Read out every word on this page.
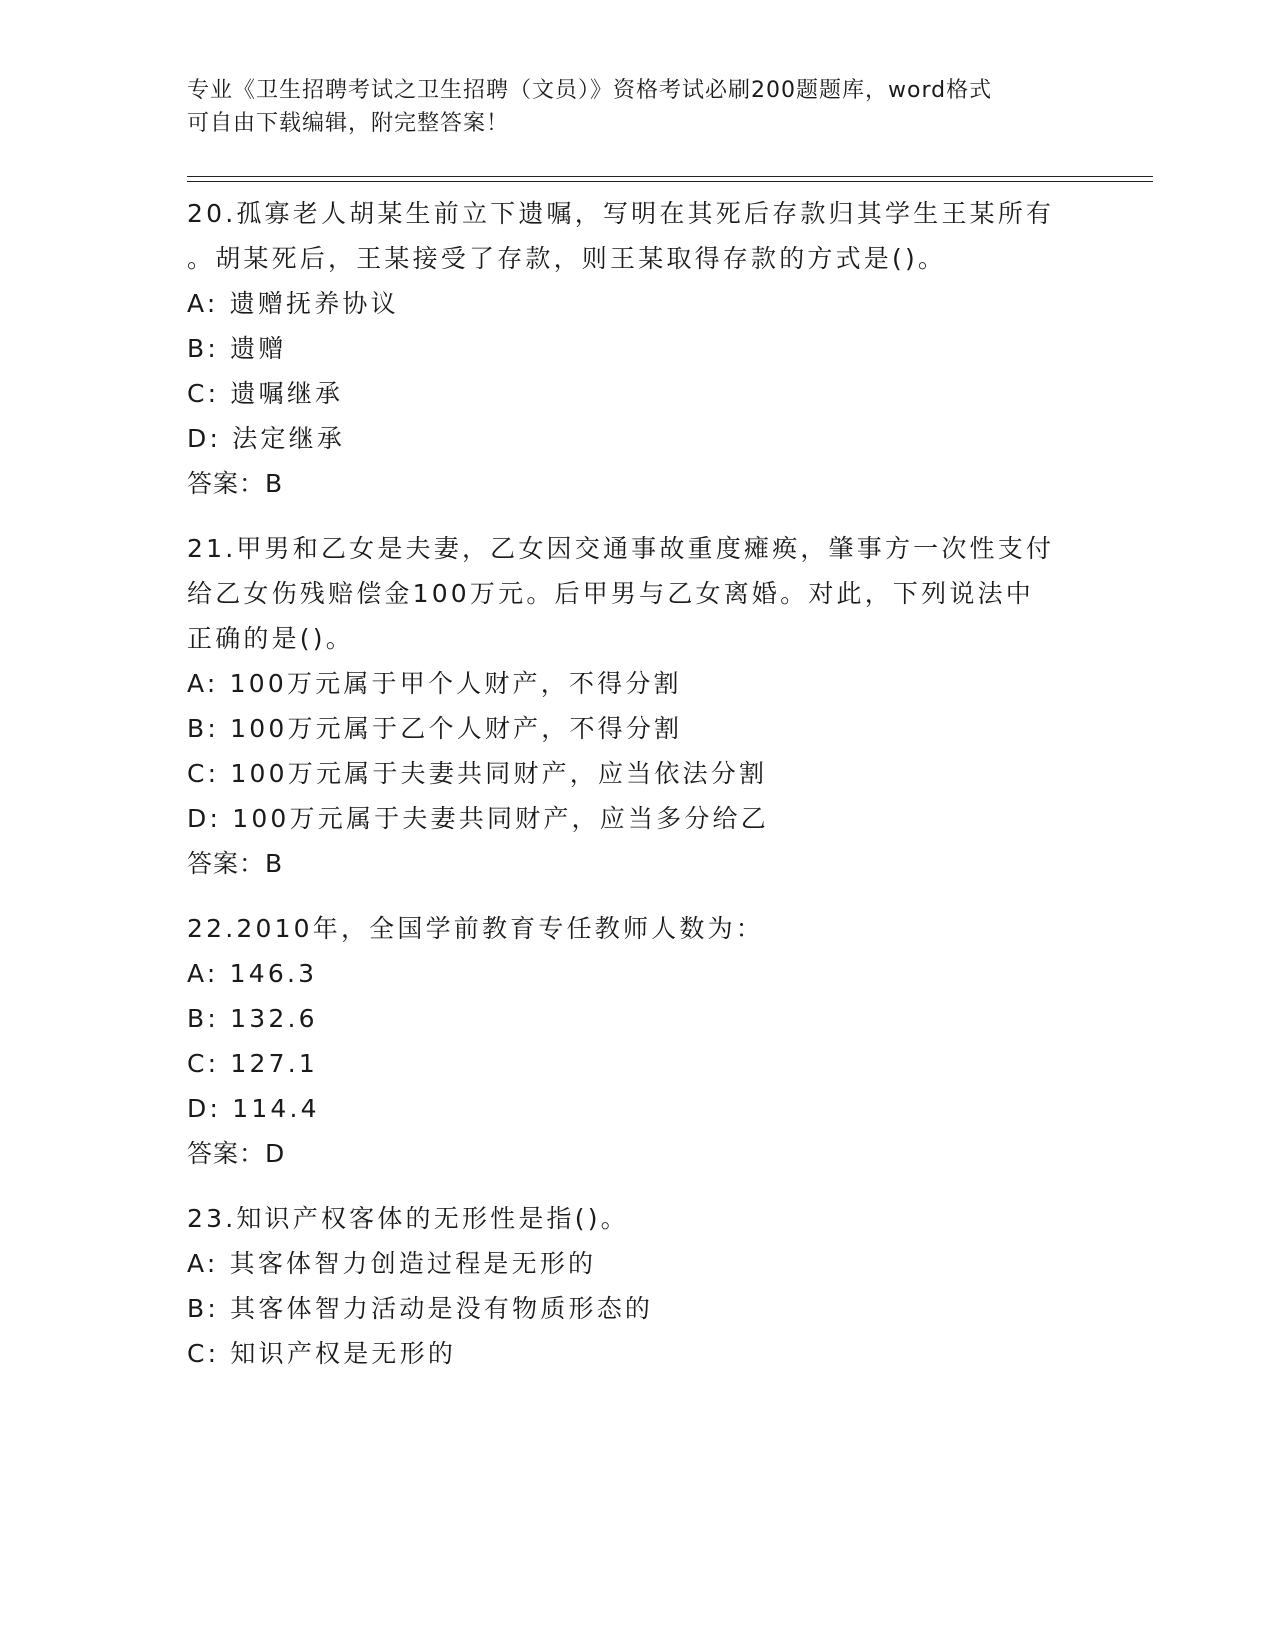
专业《卫生招聘考试之卫生招聘（文员）》资格考试必刷200题题库，word格式
可自由下载编辑，附完整答案！
20.孤寡老人胡某生前立下遗嘱，写明在其死后存款归其学生王某所有
。胡某死后，王某接受了存款，则王某取得存款的方式是()。
A: 遗赠抚养协议
B: 遗赠
C: 遗嘱继承
D: 法定继承
答案：B
21.甲男和乙女是夫妻，乙女因交通事故重度瘫痪，肇事方一次性支付
给乙女伤残赔偿金100万元。后甲男与乙女离婚。对此，下列说法中
正确的是()。
A: 100万元属于甲个人财产，不得分割
B: 100万元属于乙个人财产，不得分割
C: 100万元属于夫妻共同财产，应当依法分割
D: 100万元属于夫妻共同财产，应当多分给乙
答案：B
22.2010年，全国学前教育专任教师人数为：
A: 146.3
B: 132.6
C: 127.1
D: 114.4
答案：D
23.知识产权客体的无形性是指()。
A: 其客体智力创造过程是无形的
B: 其客体智力活动是没有物质形态的
C: 知识产权是无形的
